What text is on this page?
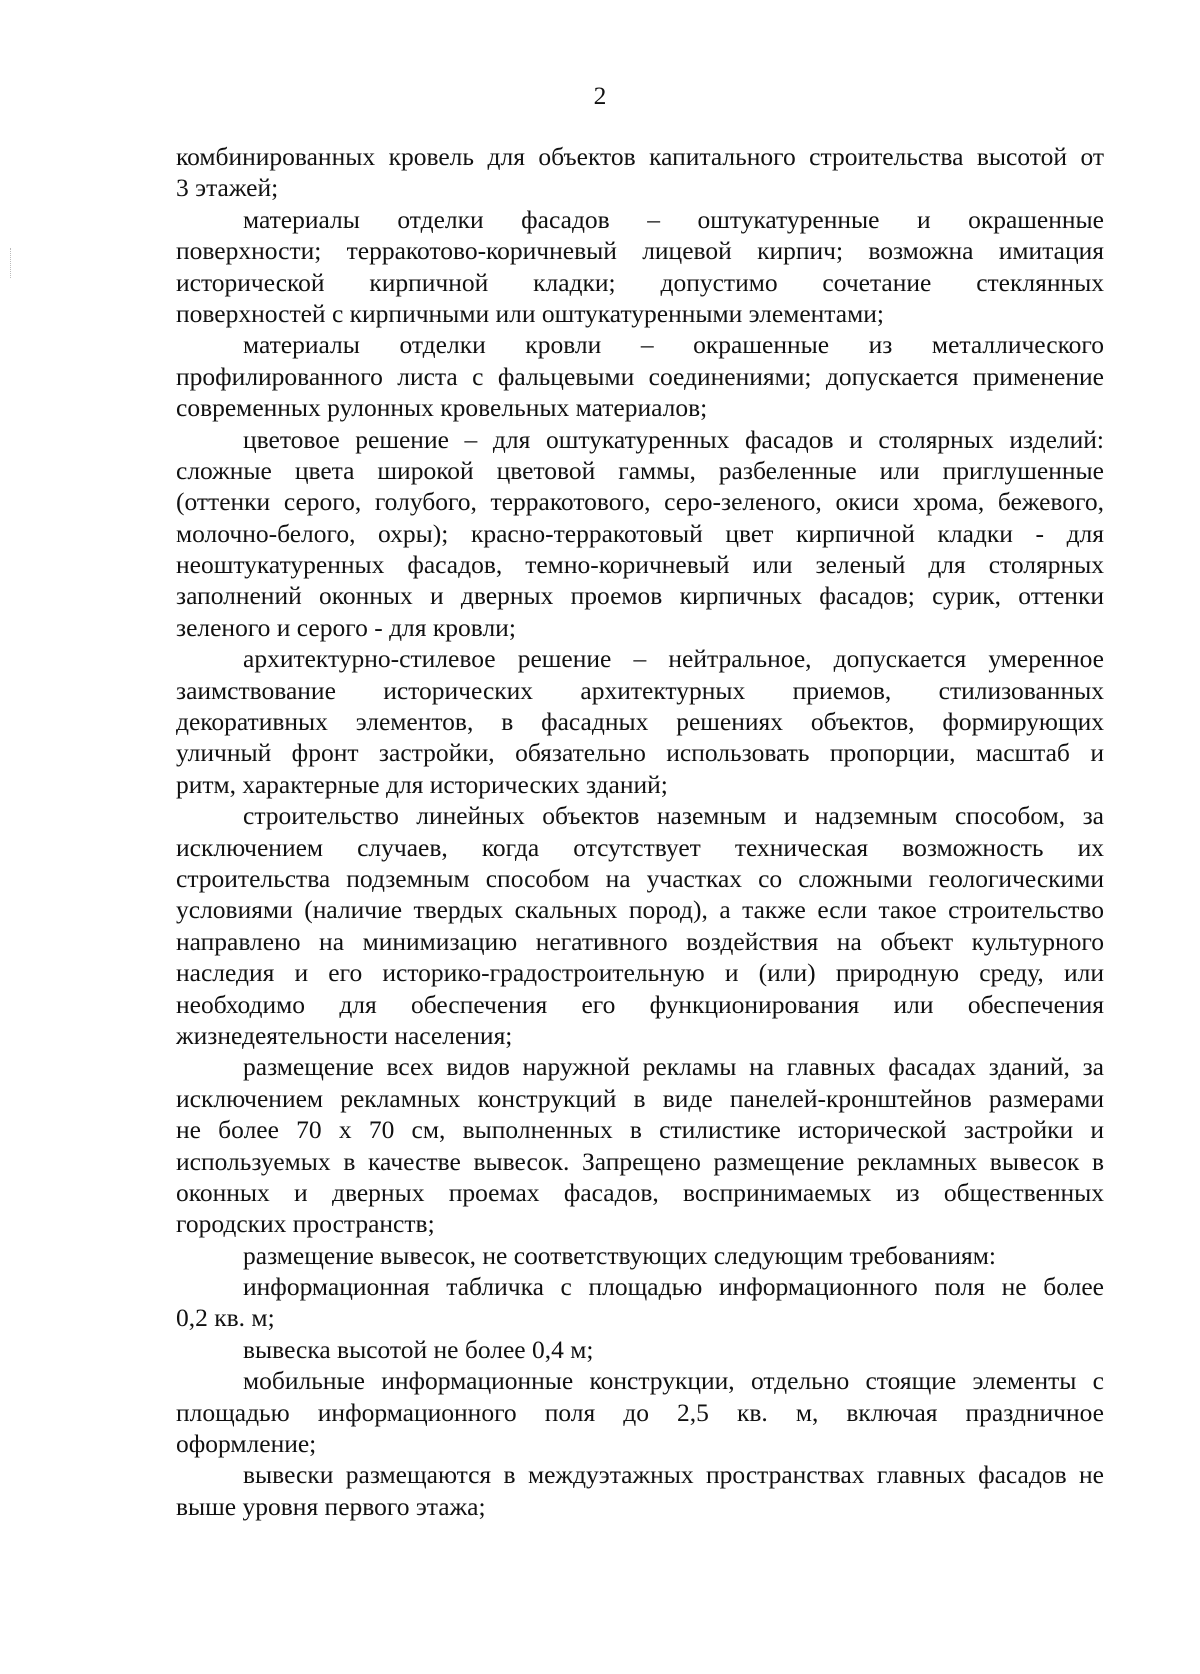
2
комбинированных кровель для объектов капитального строительства высотой от
3 этажей;
материалы отделки фасадов – оштукатуренные и окрашенные
поверхности; терракотово-коричневый лицевой кирпич; возможна имитация
исторической кирпичной кладки; допустимо сочетание стеклянных
поверхностей с кирпичными или оштукатуренными элементами;
материалы отделки кровли – окрашенные из металлического
профилированного листа с фальцевыми соединениями; допускается применение
современных рулонных кровельных материалов;
цветовое решение – для оштукатуренных фасадов и столярных изделий:
сложные цвета широкой цветовой гаммы, разбеленные или приглушенные
(оттенки серого, голубого, терракотового, серо-зеленого, окиси хрома, бежевого,
молочно-белого, охры); красно-терракотовый цвет кирпичной кладки - для
неоштукатуренных фасадов, темно-коричневый или зеленый для столярных
заполнений оконных и дверных проемов кирпичных фасадов; сурик, оттенки
зеленого и серого - для кровли;
архитектурно-стилевое решение – нейтральное, допускается умеренное
заимствование исторических архитектурных приемов, стилизованных
декоративных элементов, в фасадных решениях объектов, формирующих
уличный фронт застройки, обязательно использовать пропорции, масштаб и
ритм, характерные для исторических зданий;
строительство линейных объектов наземным и надземным способом, за
исключением случаев, когда отсутствует техническая возможность их
строительства подземным способом на участках со сложными геологическими
условиями (наличие твердых скальных пород), а также если такое строительство
направлено на минимизацию негативного воздействия на объект культурного
наследия и его историко-градостроительную и (или) природную среду, или
необходимо для обеспечения его функционирования или обеспечения
жизнедеятельности населения;
размещение всех видов наружной рекламы на главных фасадах зданий, за
исключением рекламных конструкций в виде панелей-кронштейнов размерами
не более 70 х 70 см, выполненных в стилистике исторической застройки и
используемых в качестве вывесок. Запрещено размещение рекламных вывесок в
оконных и дверных проемах фасадов, воспринимаемых из общественных
городских пространств;
размещение вывесок, не соответствующих следующим требованиям:
информационная табличка с площадью информационного поля не более
0,2 кв. м;
вывеска высотой не более 0,4 м;
мобильные информационные конструкции, отдельно стоящие элементы с
площадью информационного поля до 2,5 кв. м, включая праздничное
оформление;
вывески размещаются в междуэтажных пространствах главных фасадов не
выше уровня первого этажа;
